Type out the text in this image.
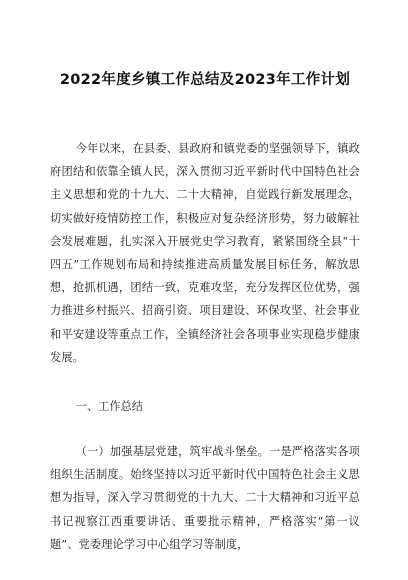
2022年度乡镇工作总结及2023年工作计划

今年以来，在县委、县政府和镇党委的坚强领导下，镇政府团结和依靠全镇人民，深入贯彻习近平新时代中国特色社会主义思想和党的十九大、二十大精神，自觉践行新发展理念，切实做好疫情防控工作，积极应对复杂经济形势，努力破解社会发展难题，扎实深入开展党史学习教育，紧紧围绕全县“十四五”工作规划布局和持续推进高质量发展目标任务，解放思想，抢抓机遇，团结一致，克难攻坚，充分发挥区位优势，强力推进乡村振兴、招商引资、项目建设、环保攻坚、社会事业和平安建设等重点工作，全镇经济社会各项事业实现稳步健康发展。

一、工作总结

（一）加强基层党建，筑牢战斗堡垒。一是严格落实各项组织生活制度。始终坚持以习近平新时代中国特色社会主义思想为指导，深入学习贯彻党的十九大、二十大精神和习近平总书记视察江西重要讲话、重要批示精神，严格落实“第一议题”、党委理论学习中心组学习等制度，
